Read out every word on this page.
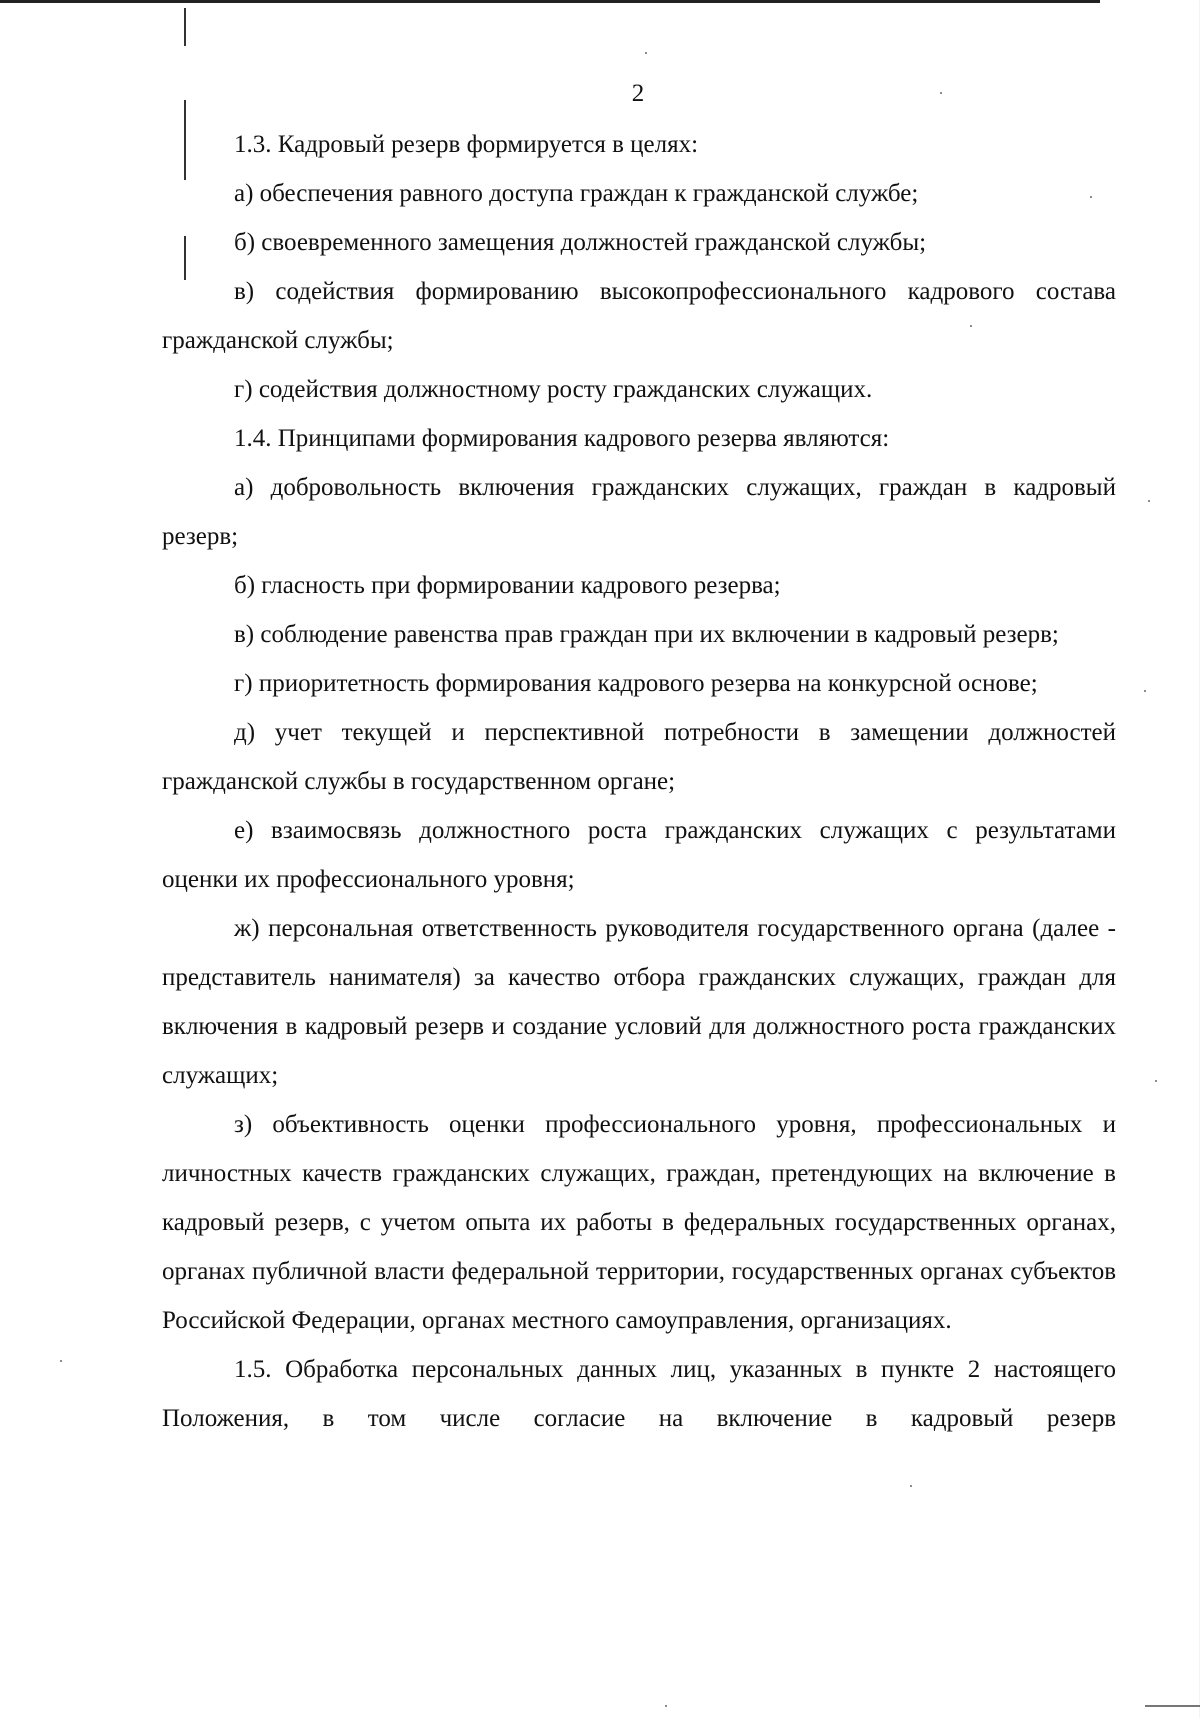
2

1.3. Кадровый резерв формируется в целях:

а) обеспечения равного доступа граждан к гражданской службе;

б) своевременного замещения должностей гражданской службы;

в) содействия формированию высокопрофессионального кадрового состава гражданской службы;

г) содействия должностному росту гражданских служащих.

1.4. Принципами формирования кадрового резерва являются:

а) добровольность включения гражданских служащих, граждан в кадровый резерв;

б) гласность при формировании кадрового резерва;

в) соблюдение равенства прав граждан при их включении в кадровый резерв;

г) приоритетность формирования кадрового резерва на конкурсной основе;

д) учет текущей и перспективной потребности в замещении должностей гражданской службы в государственном органе;

е) взаимосвязь должностного роста гражданских служащих с результатами оценки их профессионального уровня;

ж) персональная ответственность руководителя государственного органа (далее - представитель нанимателя) за качество отбора гражданских служащих, граждан для включения в кадровый резерв и создание условий для должностного роста гражданских служащих;

з) объективность оценки профессионального уровня, профессиональных и личностных качеств гражданских служащих, граждан, претендующих на включение в кадровый резерв, с учетом опыта их работы в федеральных государственных органах, органах публичной власти федеральной территории, государственных органах субъектов Российской Федерации, органах местного самоуправления, организациях.

1.5. Обработка персональных данных лиц, указанных в пункте 2 настоящего Положения, в том числе согласие на включение в кадровый резерв
